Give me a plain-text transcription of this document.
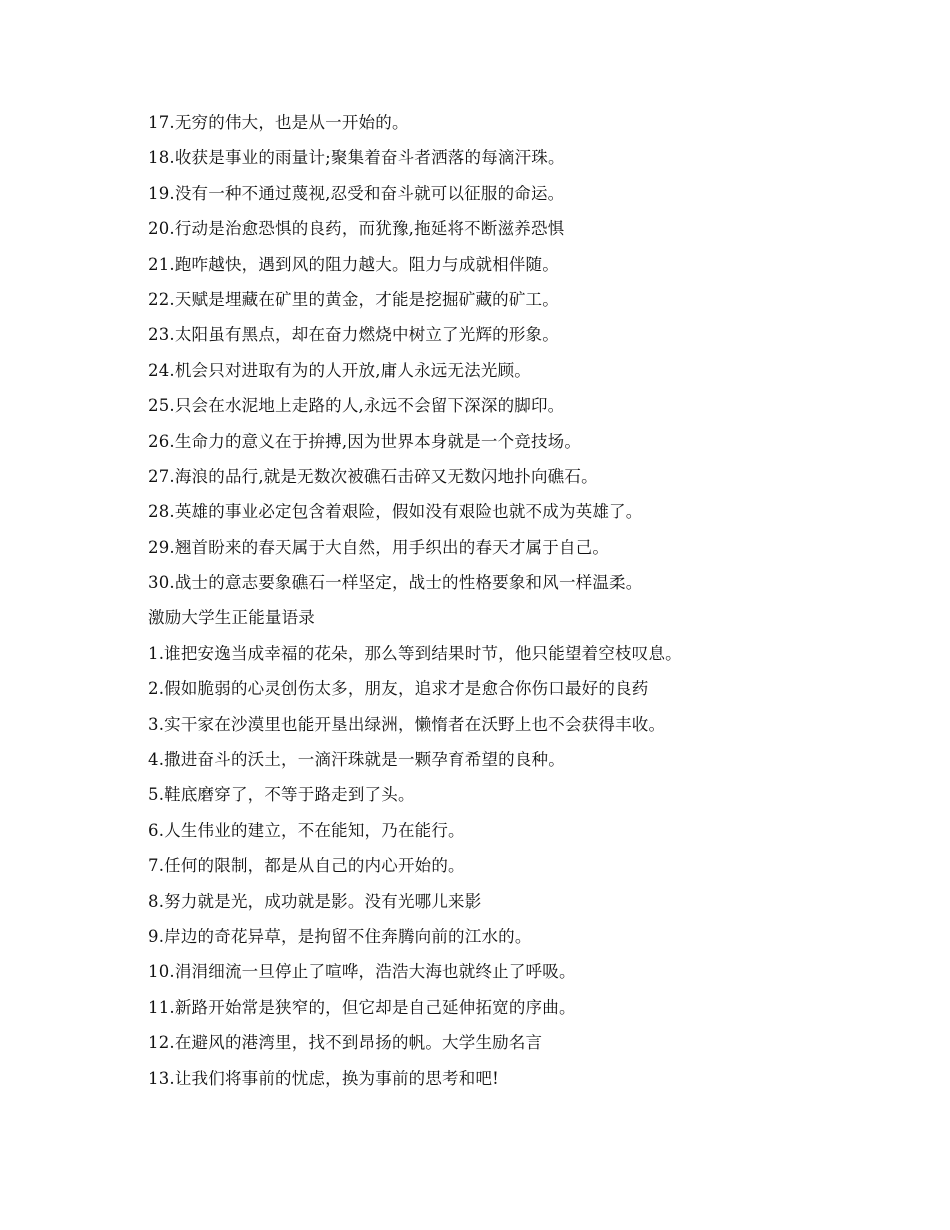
17.无穷的伟大，也是从一开始的。
18.收获是事业的雨量计;聚集着奋斗者洒落的每滴汗珠。
19.没有一种不通过蔑视,忍受和奋斗就可以征服的命运。
20.行动是治愈恐惧的良药，而犹豫,拖延将不断滋养恐惧
21.跑咋越快，遇到风的阻力越大。阻力与成就相伴随。
22.天赋是埋藏在矿里的黄金，才能是挖掘矿藏的矿工。
23.太阳虽有黑点，却在奋力燃烧中树立了光辉的形象。
24.机会只对进取有为的人开放,庸人永远无法光顾。
25.只会在水泥地上走路的人,永远不会留下深深的脚印。
26.生命力的意义在于拚搏,因为世界本身就是一个竞技场。
27.海浪的品行,就是无数次被礁石击碎又无数闪地扑向礁石。
28.英雄的事业必定包含着艰险，假如没有艰险也就不成为英雄了。
29.翘首盼来的春天属于大自然，用手织出的春天才属于自己。
30.战士的意志要象礁石一样坚定，战士的性格要象和风一样温柔。
激励大学生正能量语录
1.谁把安逸当成幸福的花朵，那么等到结果时节，他只能望着空枝叹息。
2.假如脆弱的心灵创伤太多，朋友，追求才是愈合你伤口最好的良药
3.实干家在沙漠里也能开垦出绿洲，懒惰者在沃野上也不会获得丰收。
4.撒进奋斗的沃土，一滴汗珠就是一颗孕育希望的良种。
5.鞋底磨穿了，不等于路走到了头。
6.人生伟业的建立，不在能知，乃在能行。
7.任何的限制，都是从自己的内心开始的。
8.努力就是光，成功就是影。没有光哪儿来影
9.岸边的奇花异草，是拘留不住奔腾向前的江水的。
10.涓涓细流一旦停止了喧哗，浩浩大海也就终止了呼吸。
11.新路开始常是狭窄的，但它却是自己延伸拓宽的序曲。
12.在避风的港湾里，找不到昂扬的帆。大学生励名言
13.让我们将事前的忧虑，换为事前的思考和吧!
